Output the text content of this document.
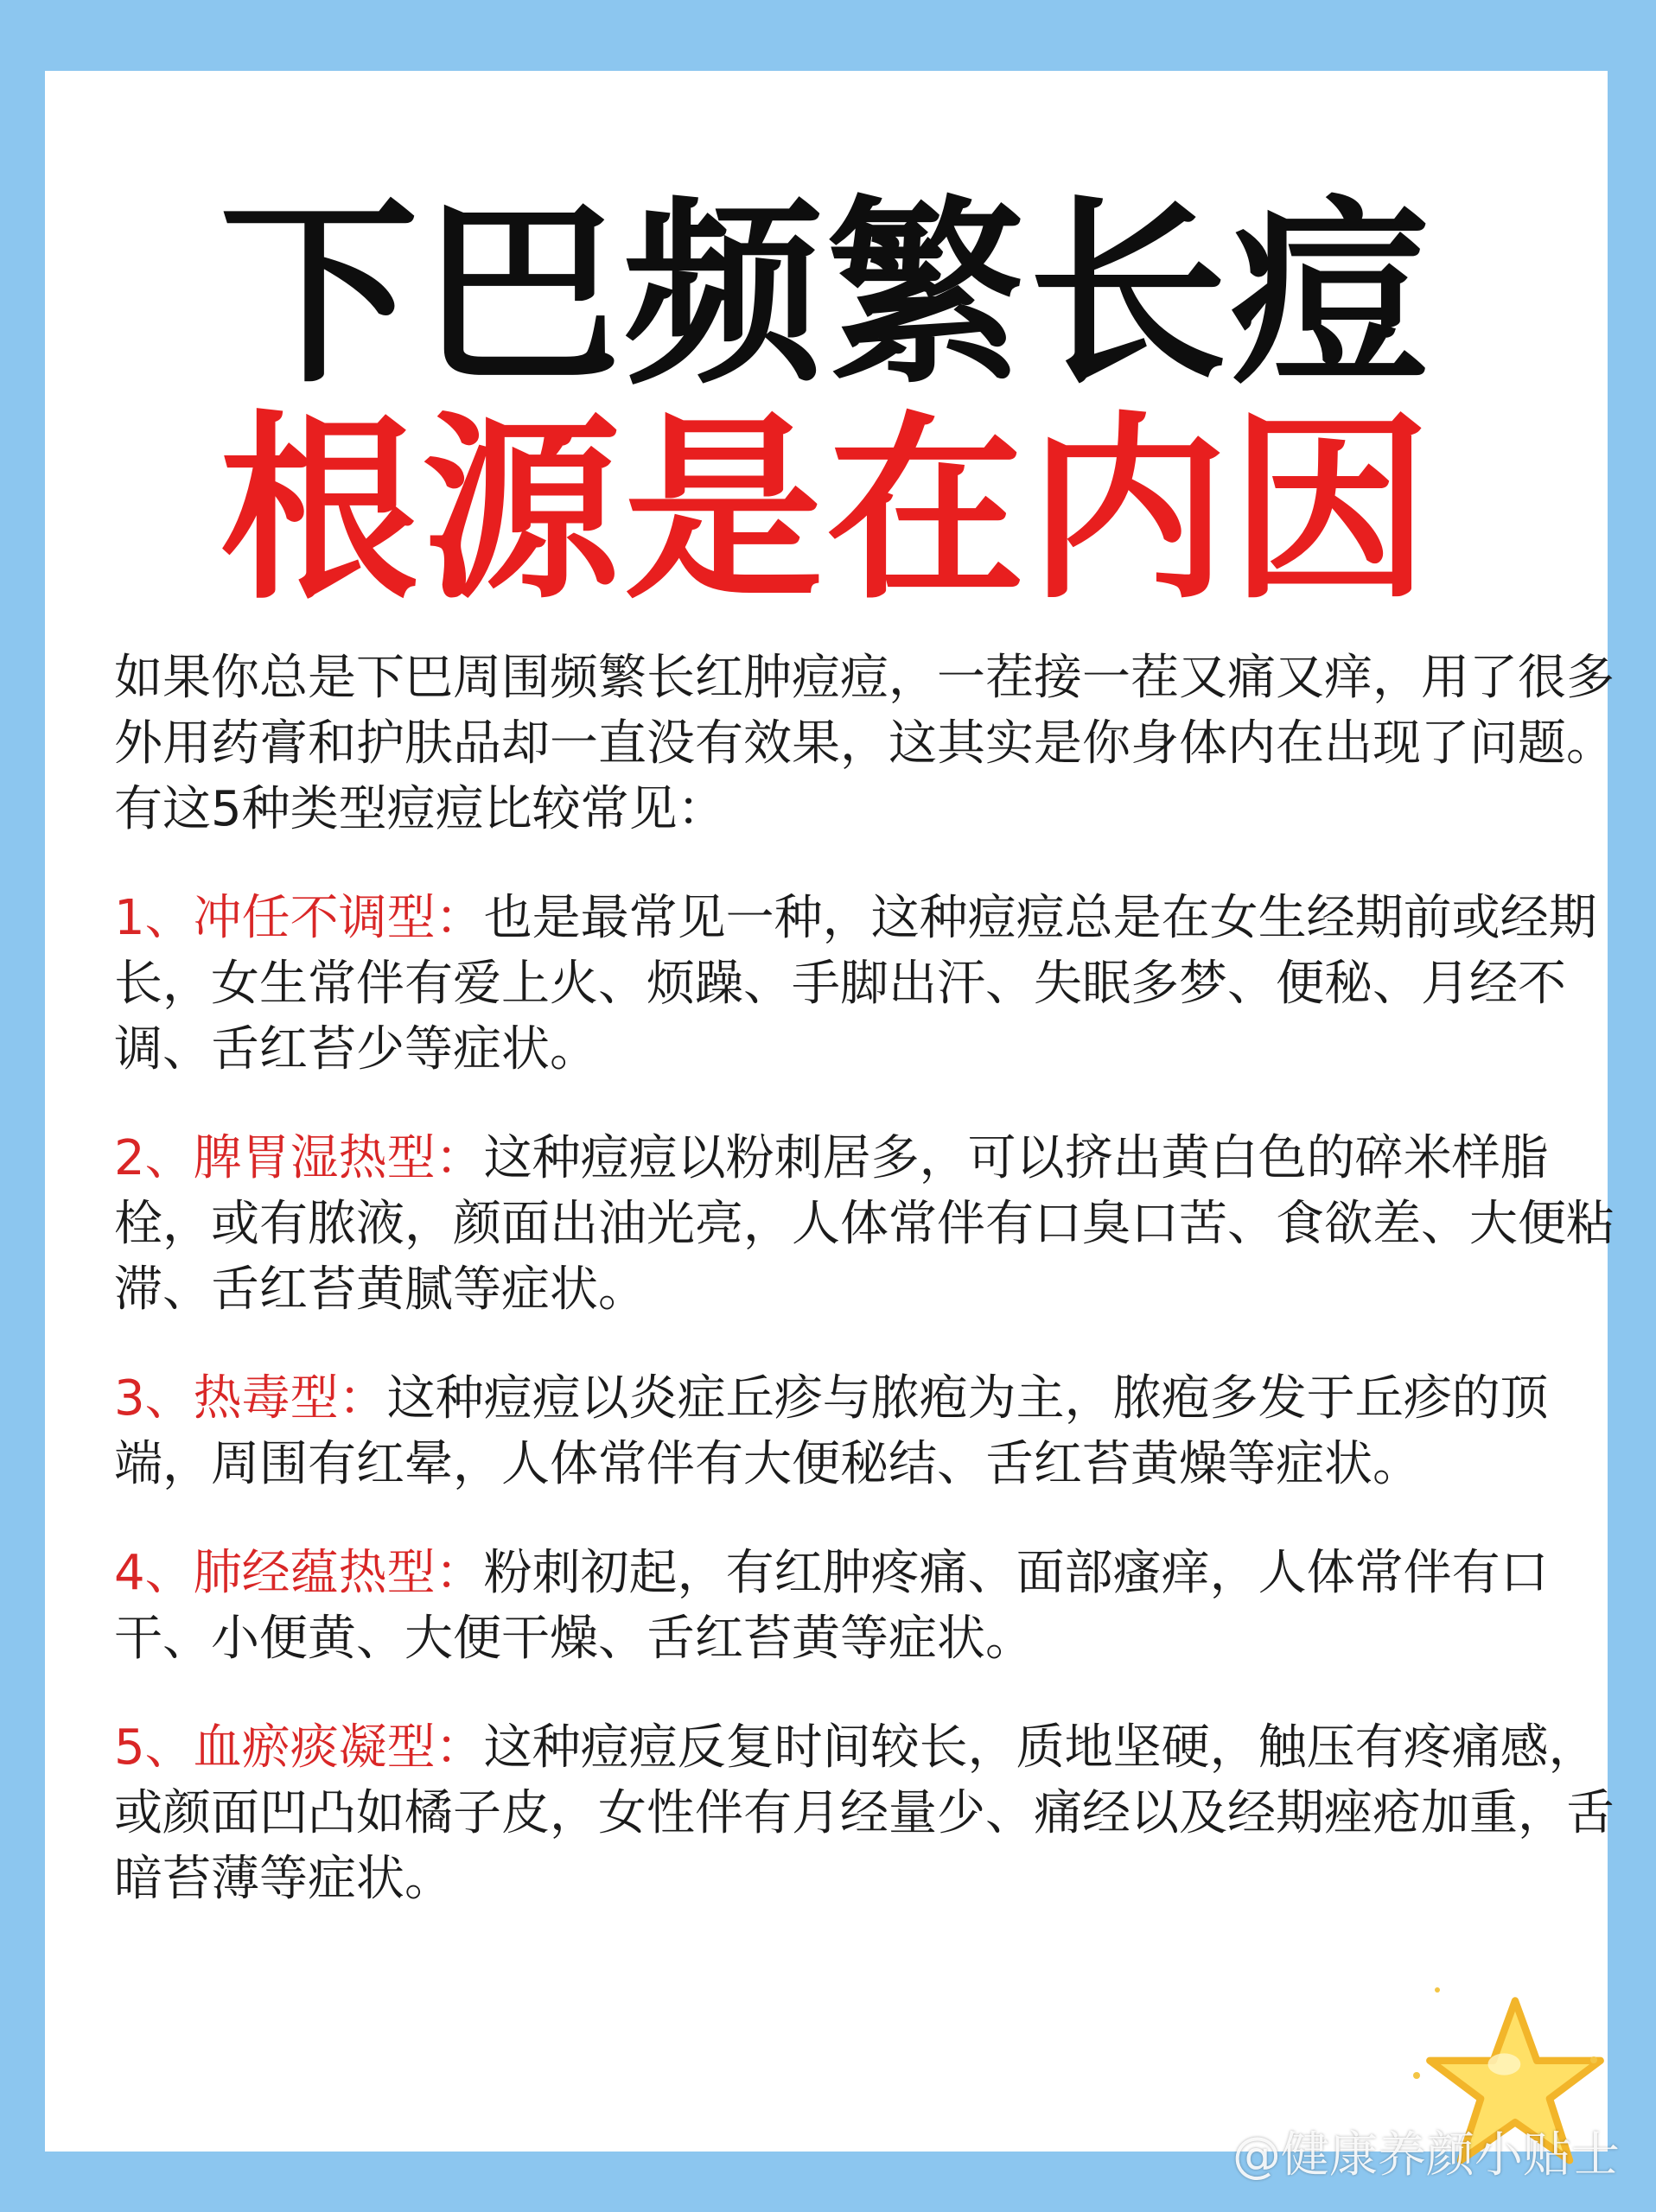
下巴频繁长痘
根源是在内因

如果你总是下巴周围频繁长红肿痘痘，一茬接一茬又痛又痒，用了很多外用药膏和护肤品却一直没有效果，这其实是你身体内在出现了问题。有这5种类型痘痘比较常见：

1、冲任不调型：也是最常见一种，这种痘痘总是在女生经期前或经期长，女生常伴有爱上火、烦躁、手脚出汗、失眠多梦、便秘、月经不调、舌红苔少等症状。

2、脾胃湿热型：这种痘痘以粉刺居多，可以挤出黄白色的碎米样脂栓，或有脓液，颜面出油光亮，人体常伴有口臭口苦、食欲差、大便粘滞、舌红苔黄腻等症状。

3、热毒型：这种痘痘以炎症丘疹与脓疱为主，脓疱多发于丘疹的顶端，周围有红晕，人体常伴有大便秘结、舌红苔黄燥等症状。

4、肺经蕴热型：粉刺初起，有红肿疼痛、面部瘙痒，人体常伴有口干、小便黄、大便干燥、舌红苔黄等症状。

5、血瘀痰凝型：这种痘痘反复时间较长，质地坚硬，触压有疼痛感，或颜面凹凸如橘子皮，女性伴有月经量少、痛经以及经期痤疮加重，舌暗苔薄等症状。

@健康养颜小贴士
